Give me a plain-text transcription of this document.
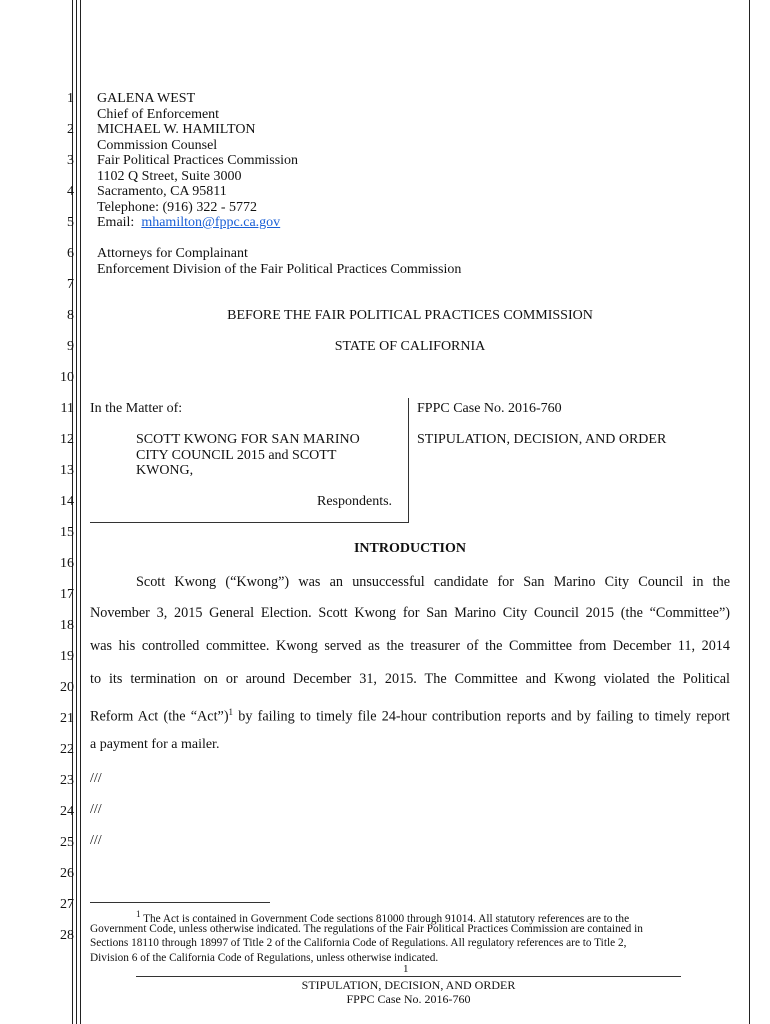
1
2
3
4
5
6
7
8
9
10
11
12
13
14
15
16
17
18
19
20
21
22
23
24
25
26
27
28
GALENA WEST
Chief of Enforcement
MICHAEL W. HAMILTON
Commission Counsel
Fair Political Practices Commission
1102 Q Street, Suite 3000
Sacramento, CA 95811
Telephone: (916) 322 - 5772
Email: mhamilton@fppc.ca.gov
Attorneys for Complainant
Enforcement Division of the Fair Political Practices Commission
BEFORE THE FAIR POLITICAL PRACTICES COMMISSION
STATE OF CALIFORNIA
In the Matter of:
SCOTT KWONG FOR SAN MARINO
CITY COUNCIL 2015 and SCOTT
KWONG,
Respondents.
FPPC Case No. 2016-760
STIPULATION, DECISION, AND ORDER
INTRODUCTION
Scott Kwong (“Kwong”) was an unsuccessful candidate for San Marino City Council in the
November 3, 2015 General Election. Scott Kwong for San Marino City Council 2015 (the “Committee”)
was his controlled committee. Kwong served as the treasurer of the Committee from December 11, 2014
to its termination on or around December 31, 2015. The Committee and Kwong violated the Political
Reform Act (the “Act”)$^1$ by failing to timely file 24-hour contribution reports and by failing to timely report
a payment for a mailer.
///
///
///
$^1$ The Act is contained in Government Code sections 81000 through 91014. All statutory references are to the
Government Code, unless otherwise indicated. The regulations of the Fair Political Practices Commission are contained in
Sections 18110 through 18997 of Title 2 of the California Code of Regulations. All regulatory references are to Title 2,
Division 6 of the California Code of Regulations, unless otherwise indicated.
1
STIPULATION, DECISION, AND ORDER
FPPC Case No. 2016-760
